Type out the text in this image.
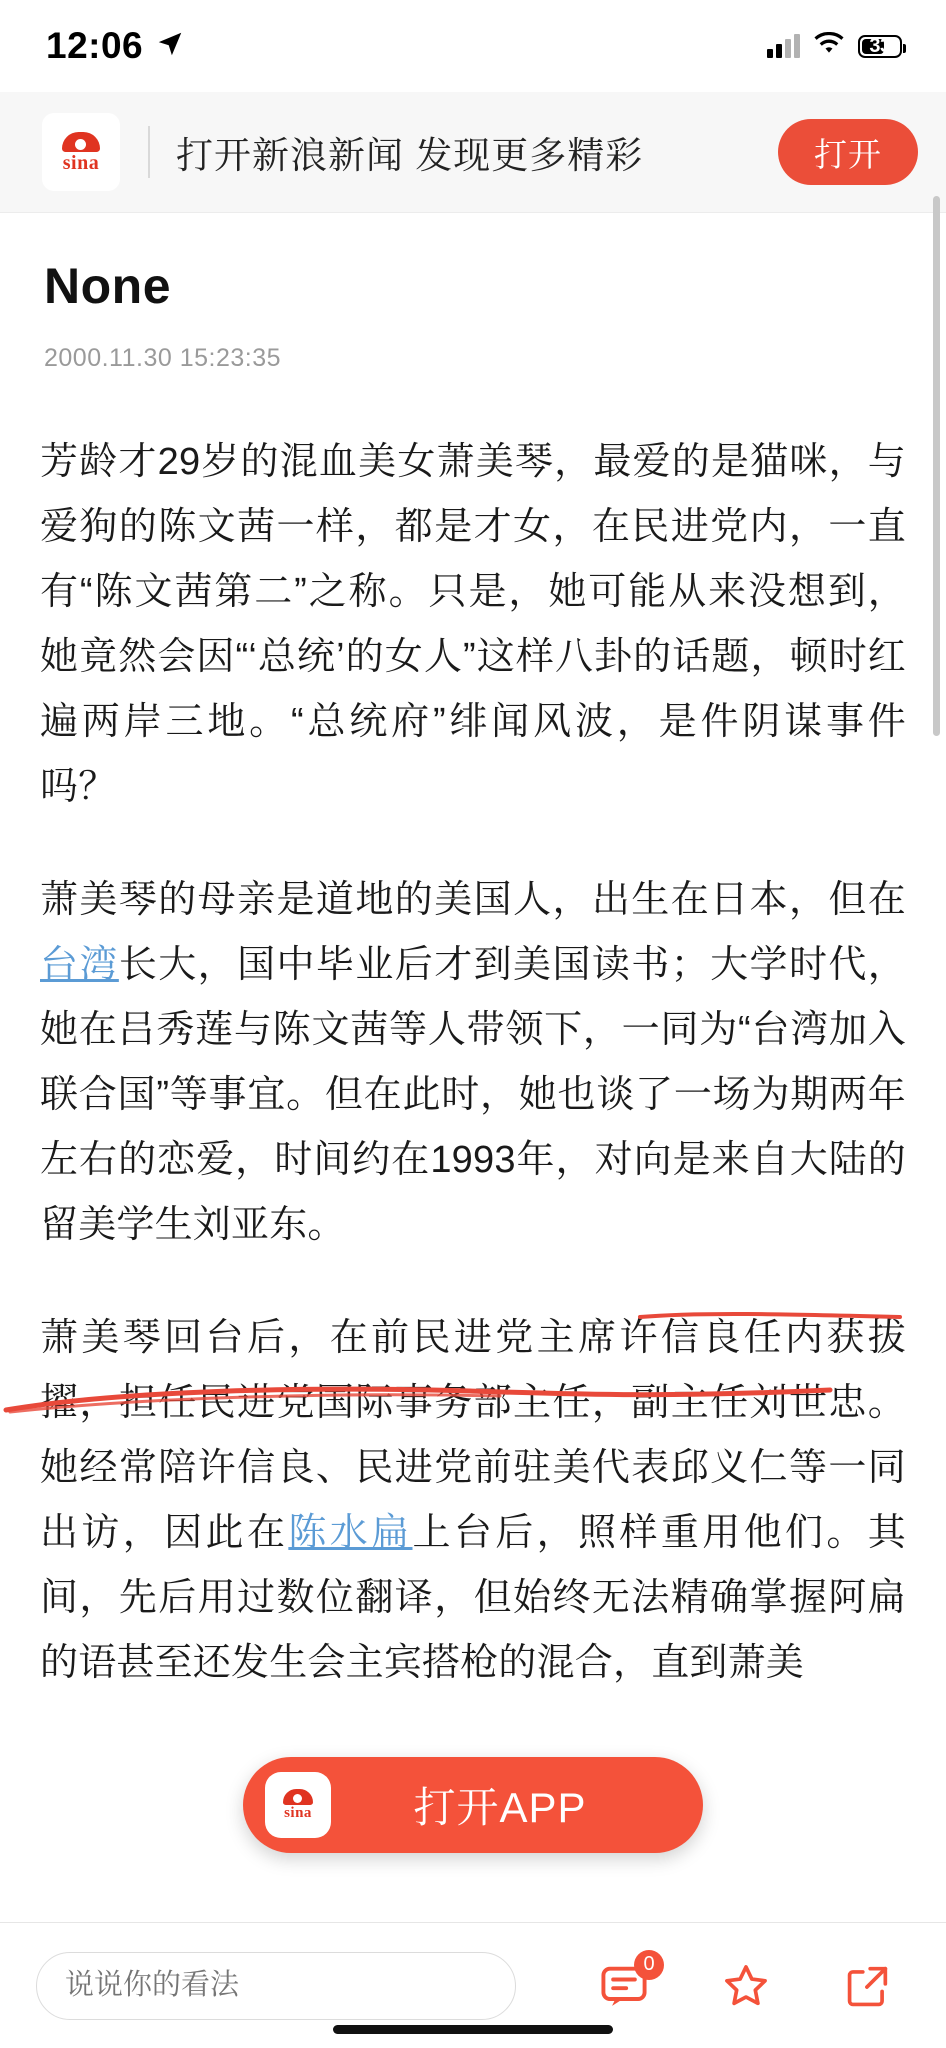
12:06	33
sina 打开新浪新闻 发现更多精彩	打开
None
2000.11.30 15:23:35

芳龄才29岁的混血美女萧美琴，最爱的是猫咪，与爱狗的陈文茜一样，都是才女，在民进党内，一直有“陈文茜第二”之称。只是，她可能从来没想到，她竟然会因“‘总统’的女人”这样八卦的话题，顿时红遍两岸三地。“总统府”绯闻风波，是件阴谋事件吗？

萧美琴的母亲是道地的美国人，出生在日本，但在台湾长大，国中毕业后才到美国读书；大学时代，她在吕秀莲与陈文茜等人带领下，一同为“台湾加入联合国”等事宜。但在此时，她也谈了一场为期两年左右的恋爱，时间约在1993年，对向是来自大陆的留美学生刘亚东。

萧美琴回台后，在前民进党主席许信良任内获拔擢，担任民进党国际事务部主任，副主任刘世忠。她经常陪许信良、民进党前驻美代表邱义仁等一同出访，因此在陈水扁上台后，照样重用他们。其间，先后用过数位翻译，但始终无法精确掌握阿扁的语甚至还发生会主宾搭枪的混合，直到萧美

sina	打开APP
说说你的看法
0
